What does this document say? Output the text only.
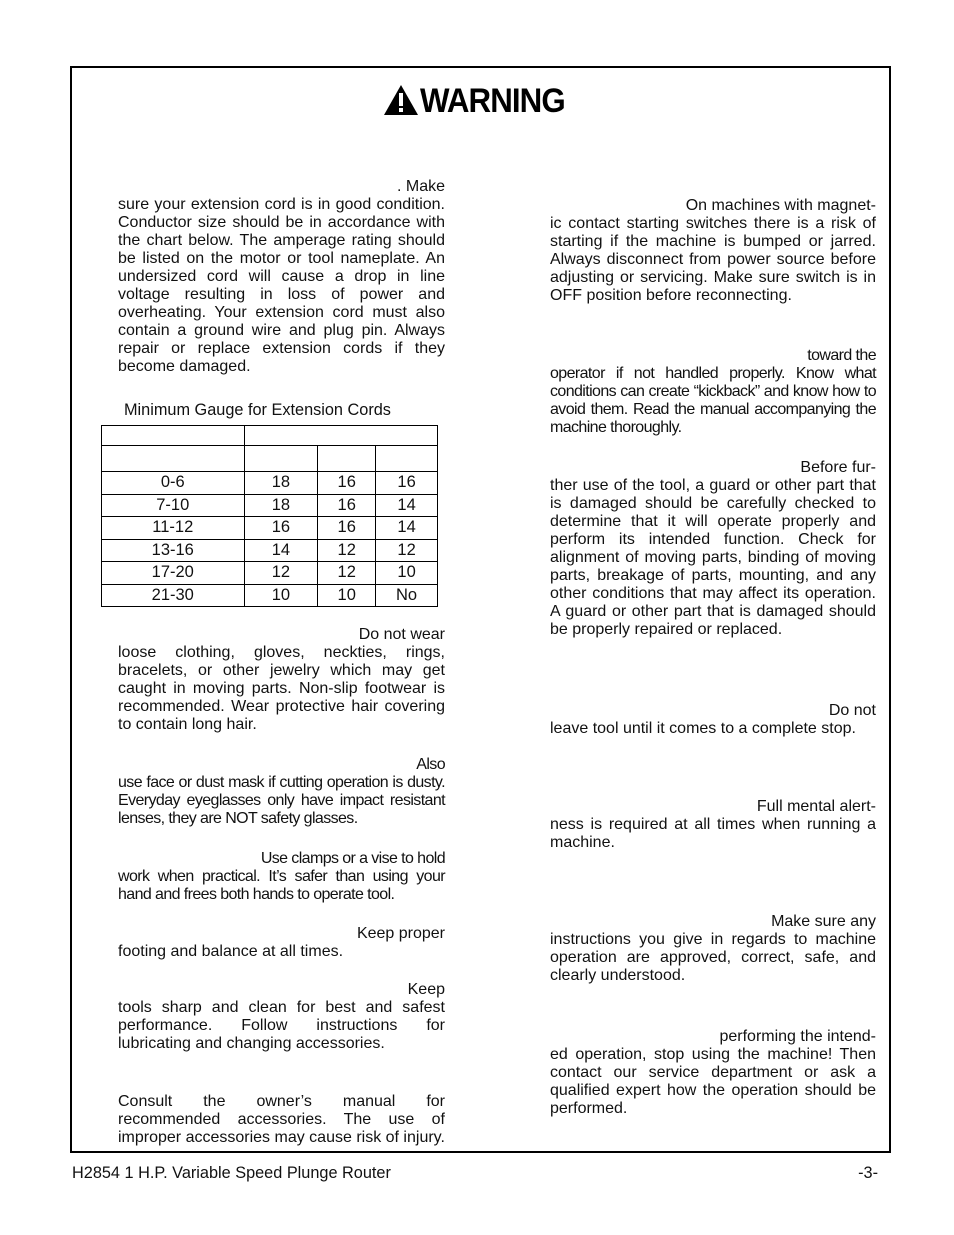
WARNING
. Make
sure your extension cord is in good condition. Conductor size should be in accordance with the chart below. The amperage rating should be listed on the motor or tool nameplate. An undersized cord will cause a drop in line voltage resulting in loss of power and overheating. Your extension cord must also contain a ground wire and plug pin. Always repair or replace extension cords if they become damaged.
Minimum Gauge for Extension Cords

0-6	18	16	16
7-10	18	16	14
11-12	16	16	14
13-16	14	12	12
17-20	12	12	10
21-30	10	10	No
Do not wear
loose clothing, gloves, neckties, rings, bracelets, or other jewelry which may get caught in moving parts. Non-slip footwear is recommended. Wear protective hair covering to contain long hair.
Also
use face or dust mask if cutting operation is dusty. Everyday eyeglasses only have impact resistant lenses, they are NOT safety glasses.
Use clamps or a vise to hold
work when practical. It’s safer than using your hand and frees both hands to operate tool.
Keep proper
footing and balance at all times.
Keep
tools sharp and clean for best and safest performance. Follow instructions for lubricating and changing accessories.
Consult the owner’s manual for recommended accessories. The use of improper accessories may cause risk of injury.
On machines with magnet-
ic contact starting switches there is a risk of starting if the machine is bumped or jarred. Always disconnect from power source before adjusting or servicing. Make sure switch is in OFF position before reconnecting.
toward the
operator if not handled properly. Know what conditions can create “kickback” and know how to avoid them. Read the manual accompanying the machine thoroughly.
Before fur-
ther use of the tool, a guard or other part that is damaged should be carefully checked to determine that it will operate properly and perform its intended function. Check for alignment of moving parts, binding of moving parts, breakage of parts, mounting, and any other conditions that may affect its operation. A guard or other part that is damaged should be properly repaired or replaced.
Do not
leave tool until it comes to a complete stop.
Full mental alert-
ness is required at all times when running a machine.
Make sure any
instructions you give in regards to machine operation are approved, correct, safe, and clearly understood.
performing the intend-
ed operation, stop using the machine! Then contact our service department or ask a qualified expert how the operation should be performed.
H2854 1 H.P. Variable Speed Plunge Router	-3-
